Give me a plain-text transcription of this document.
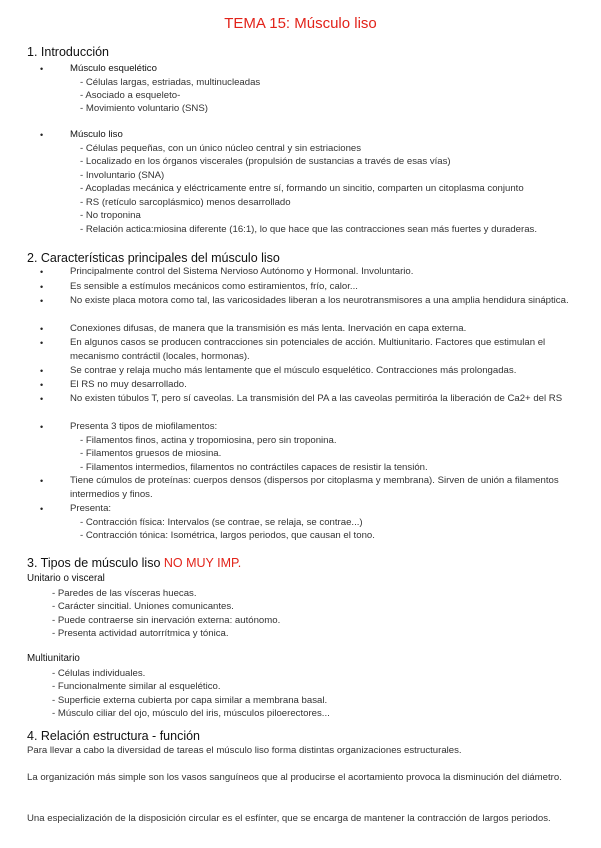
TEMA 15: Músculo liso
1. Introducción
•	Músculo esquelético
- Células largas, estriadas, multinucleadas
- Asociado a esqueleto-
- Movimiento voluntario (SNS)
•	Músculo liso
- Células pequeñas, con un único núcleo central y sin estriaciones
- Localizado en los órganos viscerales (propulsión de sustancias a través de esas vías)
- Involuntario (SNA)
- Acopladas mecánica y eléctricamente entre sí, formando un sincitio, comparten un citoplasma conjunto
- RS (retículo sarcoplásmico) menos desarrollado
- No troponina
- Relación actica:miosina diferente (16:1), lo que hace que las contracciones sean más fuertes y duraderas.
2. Características principales del músculo liso
•	Principalmente control del Sistema Nervioso Autónomo y Hormonal. Involuntario.
•	Es sensible a estímulos mecánicos como estiramientos, frío, calor...
•	No existe placa motora como tal, las varicosidades liberan a los neurotransmisores a una amplia hendidura sináptica.
•	Conexiones difusas, de manera que la transmisión es más lenta. Inervación en capa externa.
•	En algunos casos se producen contracciones sin potenciales de acción. Multiunitario. Factores que estimulan el mecanismo contráctil (locales, hormonas).
•	Se contrae y relaja mucho más lentamente que el músculo esquelético. Contracciones más prolongadas.
•	El RS no muy desarrollado.
•	No existen túbulos T, pero sí caveolas. La transmisión del PA a las caveolas permitiróa la liberación de Ca2+ del RS
•	Presenta 3 tipos de miofilamentos:
- Filamentos finos, actina y tropomiosina, pero sin troponina.
- Filamentos gruesos de miosina.
- Filamentos intermedios, filamentos no contráctiles capaces de resistir la tensión.
•	Tiene cúmulos de proteínas: cuerpos densos (dispersos por citoplasma y membrana). Sirven de unión a filamentos intermedios y finos.
•	Presenta:
- Contracción física: Intervalos (se contrae, se relaja, se contrae...)
- Contracción tónica: Isométrica, largos periodos, que causan el tono.
3. Tipos de músculo liso NO MUY IMP.
Unitario o visceral
- Paredes de las vísceras huecas.
- Carácter sincitial. Uniones comunicantes.
- Puede contraerse sin inervación externa: autónomo.
- Presenta actividad autorrítmica y tónica.
Multiunitario
- Células individuales.
- Funcionalmente similar al esquelético.
- Superficie externa cubierta por capa similar a membrana basal.
- Músculo ciliar del ojo, músculo del iris, músculos piloerectores...
4. Relación estructura - función
Para llevar a cabo la diversidad de tareas el músculo liso forma distintas organizaciones estructurales.
La organización más simple son los vasos sanguíneos que al producirse el acortamiento provoca la disminución del diámetro.
Una especialización de la disposición circular es el esfínter, que se encarga de mantener la contracción de largos periodos.
